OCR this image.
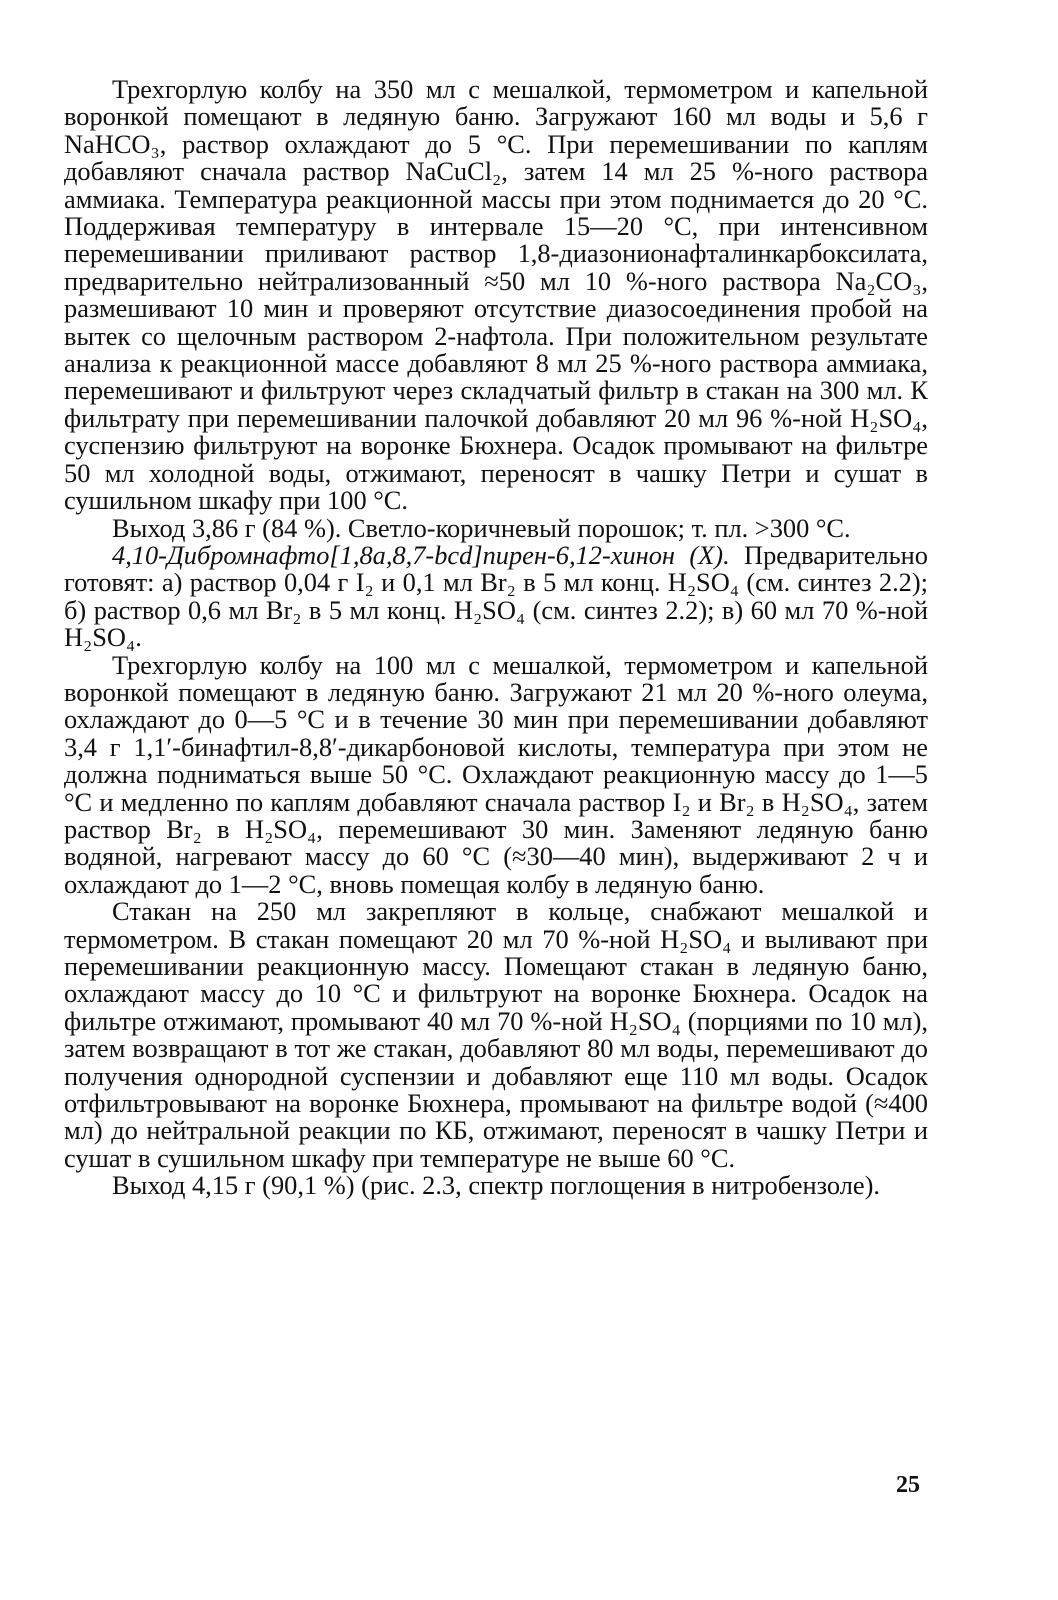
Трехгорлую колбу на 350 мл с мешалкой, термометром и капельной воронкой помещают в ледяную баню. Загружают 160 мл воды и 5,6 г NaHCO₃, раствор охлаждают до 5 °C. При перемешивании по каплям добавляют сначала раствор NaCuCl₂, затем 14 мл 25 %-ного раствора аммиака. Температура реакционной массы при этом поднимается до 20 °C. Поддерживая температуру в интервале 15—20 °C, при интенсивном перемешивании приливают раствор 1,8-диазонионафталинкарбоксилата, предварительно нейтрализованный ≈50 мл 10 %-ного раствора Na₂CO₃, размешивают 10 мин и проверяют отсутствие диазосоединения пробой на вытек со щелочным раствором 2-нафтола. При положительном результате анализа к реакционной массе добавляют 8 мл 25 %-ного раствора аммиака, перемешивают и фильтруют через складчатый фильтр в стакан на 300 мл. К фильтрату при перемешивании палочкой добавляют 20 мл 96 %-ной H₂SO₄, суспензию фильтруют на воронке Бюхнера. Осадок промывают на фильтре 50 мл холодной воды, отжимают, переносят в чашку Петри и сушат в сушильном шкафу при 100 °C.

Выход 3,86 г (84 %). Светло-коричневый порошок; т. пл. >300 °C.

4,10-Дибромнафто[1,8a,8,7-bcd]пирен-6,12-хинон (X). Предварительно готовят: а) раствор 0,04 г I₂ и 0,1 мл Br₂ в 5 мл конц. H₂SO₄ (см. синтез 2.2); б) раствор 0,6 мл Br₂ в 5 мл конц. H₂SO₄ (см. синтез 2.2); в) 60 мл 70 %-ной H₂SO₄.

Трехгорлую колбу на 100 мл с мешалкой, термометром и капельной воронкой помещают в ледяную баню. Загружают 21 мл 20 %-ного олеума, охлаждают до 0—5 °C и в течение 30 мин при перемешивании добавляют 3,4 г 1,1′-бинафтил-8,8′-дикарбоновой кислоты, температура при этом не должна подниматься выше 50 °C. Охлаждают реакционную массу до 1—5 °C и медленно по каплям добавляют сначала раствор I₂ и Br₂ в H₂SO₄, затем раствор Br₂ в H₂SO₄, перемешивают 30 мин. Заменяют ледяную баню водяной, нагревают массу до 60 °C (≈30—40 мин), выдерживают 2 ч и охлаждают до 1—2 °C, вновь помещая колбу в ледяную баню.

Стакан на 250 мл закрепляют в кольце, снабжают мешалкой и термометром. В стакан помещают 20 мл 70 %-ной H₂SO₄ и выливают при перемешивании реакционную массу. Помещают стакан в ледяную баню, охлаждают массу до 10 °C и фильтруют на воронке Бюхнера. Осадок на фильтре отжимают, промывают 40 мл 70 %-ной H₂SO₄ (порциями по 10 мл), затем возвращают в тот же стакан, добавляют 80 мл воды, перемешивают до получения однородной суспензии и добавляют еще 110 мл воды. Осадок отфильтровывают на воронке Бюхнера, промывают на фильтре водой (≈400 мл) до нейтральной реакции по КБ, отжимают, переносят в чашку Петри и сушат в сушильном шкафу при температуре не выше 60 °C.

Выход 4,15 г (90,1 %) (рис. 2.3, спектр поглощения в нитробензоле).

25
